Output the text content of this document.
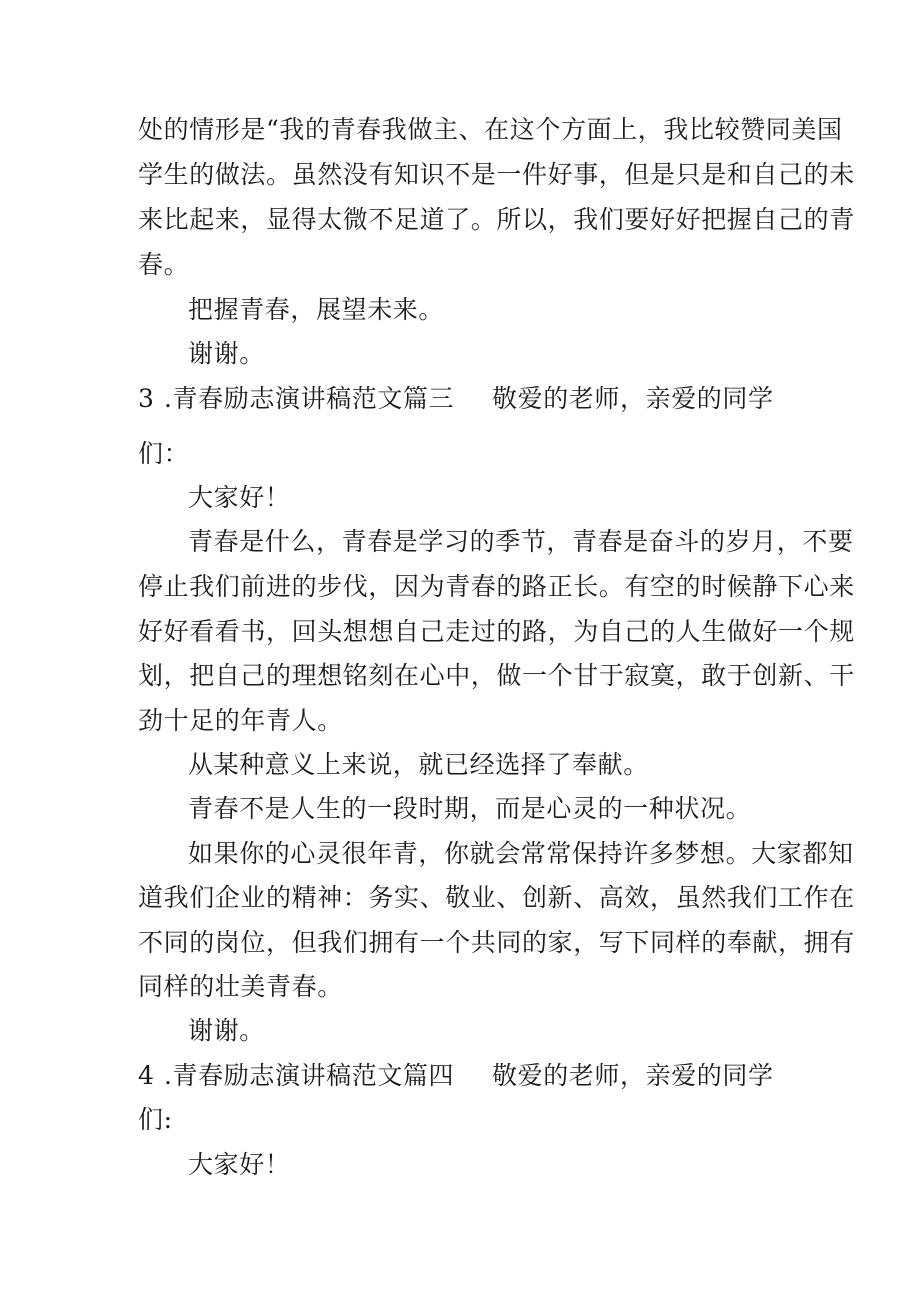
处的情形是“我的青春我做主、在这个方面上，我比较赞同美国
学生的做法。虽然没有知识不是一件好事，但是只是和自己的未
来比起来，显得太微不足道了。所以，我们要好好把握自己的青
春。
把握青春，展望未来。
谢谢。
3 .青春励志演讲稿范文篇三 敬爱的老师，亲爱的同学
们：
大家好！
青春是什么，青春是学习的季节，青春是奋斗的岁月，不要
停止我们前进的步伐，因为青春的路正长。有空的时候静下心来
好好看看书，回头想想自己走过的路，为自己的人生做好一个规
划，把自己的理想铭刻在心中，做一个甘于寂寞，敢于创新、干
劲十足的年青人。
从某种意义上来说，就已经选择了奉献。
青春不是人生的一段时期，而是心灵的一种状况。
如果你的心灵很年青，你就会常常保持许多梦想。大家都知
道我们企业的精神：务实、敬业、创新、高效，虽然我们工作在
不同的岗位，但我们拥有一个共同的家，写下同样的奉献，拥有
同样的壮美青春。
谢谢。
4 .青春励志演讲稿范文篇四 敬爱的老师，亲爱的同学
们:
大家好！
